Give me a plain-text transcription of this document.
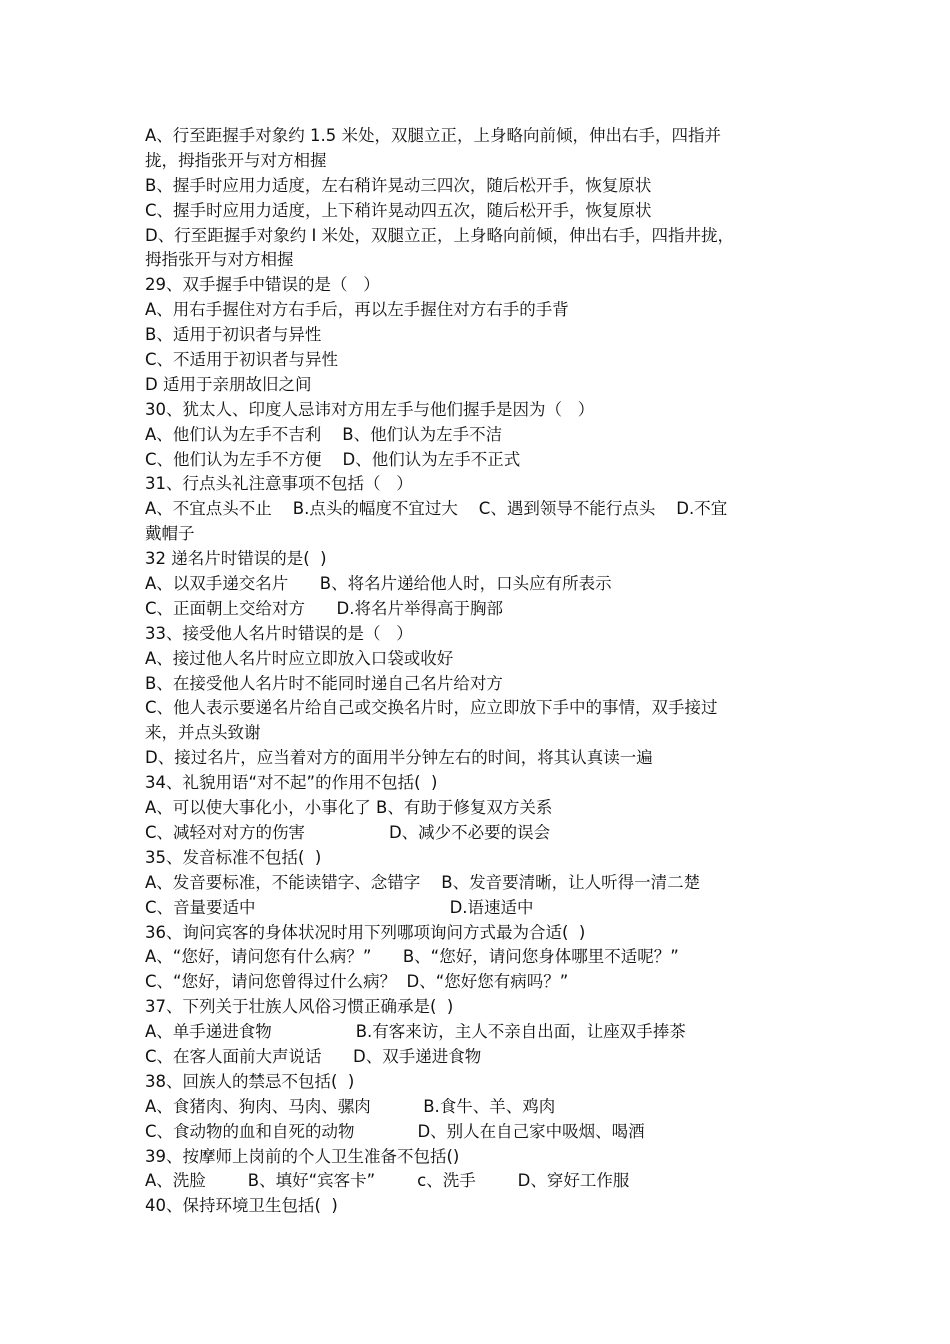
A、行至距握手对象约 1.5 米处，双腿立正，上身略向前倾，伸出右手，四指并
拢，拇指张开与对方相握
B、握手时应用力适度，左右稍许晃动三四次，随后松开手，恢复原状
C、握手时应用力适度，上下稍许晃动四五次，随后松开手，恢复原状
D、行至距握手对象约 I 米处，双腿立正，上身略向前倾，伸出右手，四指井拢，
拇指张开与对方相握
29、双手握手中错误的是（   ）
A、用右手握住对方右手后，再以左手握住对方右手的手背
B、适用于初识者与异性
C、不适用于初识者与异性
D 适用于亲朋故旧之间
30、犹太人、印度人忌讳对方用左手与他们握手是因为（   ）
A、他们认为左手不吉利    B、他们认为左手不洁
C、他们认为左手不方便    D、他们认为左手不正式
31、行点头礼注意事项不包括（   ）
A、不宜点头不止    B.点头的幅度不宜过大    C、遇到领导不能行点头    D.不宜
戴帽子
32 递名片时错误的是(  )
A、以双手递交名片      B、将名片递给他人时，口头应有所表示
C、正面朝上交给对方      D.将名片举得高于胸部
33、接受他人名片时错误的是（   ）
A、接过他人名片时应立即放入口袋或收好
B、在接受他人名片时不能同时递自己名片给对方
C、他人表示要递名片给自己或交换名片时，应立即放下手中的事情，双手接过
来，并点头致谢
D、接过名片，应当着对方的面用半分钟左右的时间，将其认真读一遍
34、礼貌用语“对不起”的作用不包括(  )
A、可以使大事化小，小事化了 B、有助于修复双方关系
C、减轻对对方的伤害                D、减少不必要的误会
35、发音标准不包括(  )
A、发音要标准，不能读错字、念错字    B、发音要清晰，让人听得一清二楚
C、音量要适中                                     D.语速适中
36、询问宾客的身体状况时用下列哪项询问方式最为合适(  )
A、“您好，请问您有什么病？”      B、“您好，请问您身体哪里不适呢？”
C、“您好，请问您曾得过什么病？  D、“您好您有病吗？”
37、下列关于壮族人风俗习惯正确承是(  )
A、单手递进食物                B.有客来访，主人不亲自出面，让座双手捧茶
C、在客人面前大声说话      D、双手递进食物
38、回族人的禁忌不包括(  )
A、食猪肉、狗肉、马肉、骡肉          B.食牛、羊、鸡肉
C、食动物的血和自死的动物            D、别人在自己家中吸烟、喝酒
39、按摩师上岗前的个人卫生准备不包括()
A、洗脸        B、填好“宾客卡”        c、洗手        D、穿好工作服
40、保持环境卫生包括(  )
